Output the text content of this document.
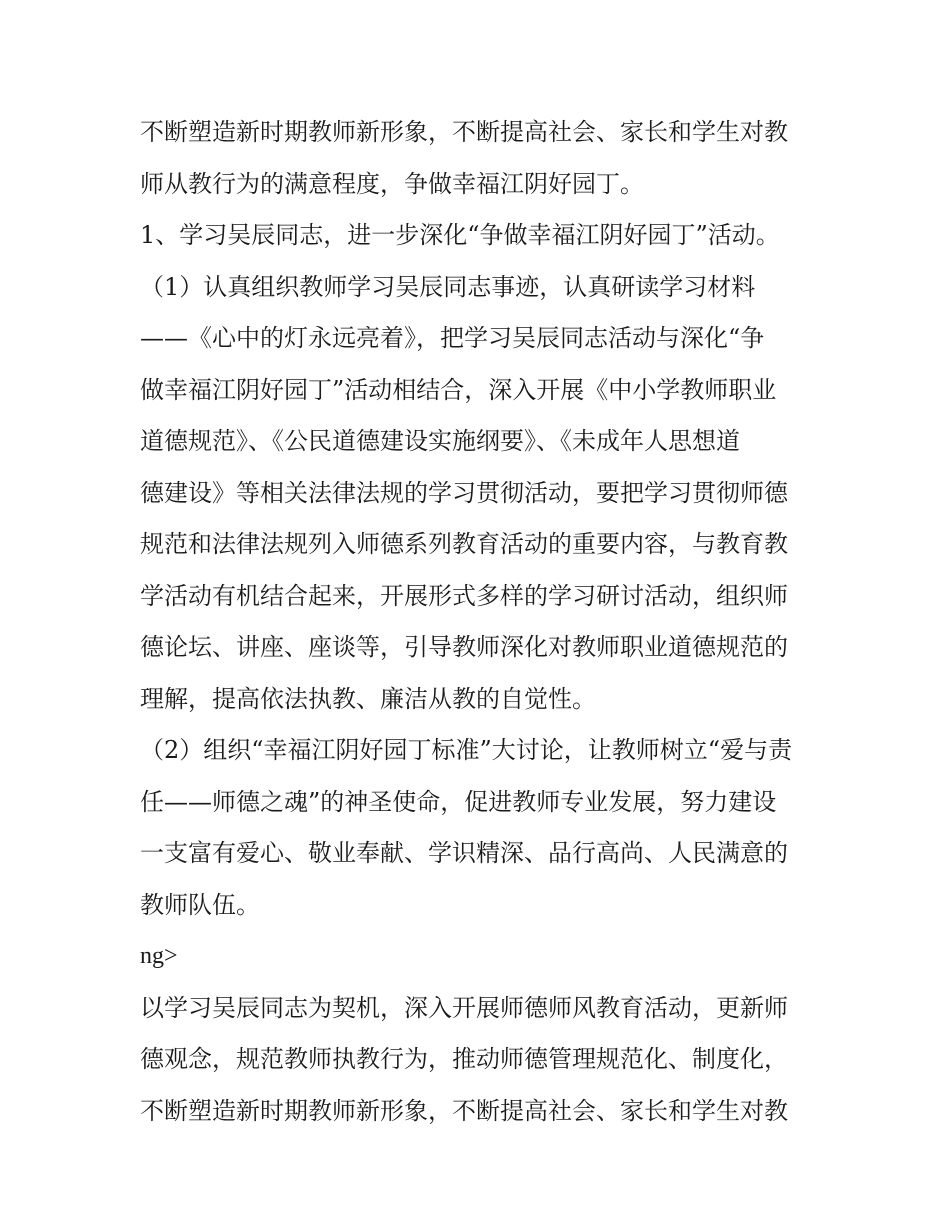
不断塑造新时期教师新形象，不断提高社会、家长和学生对教
师从教行为的满意程度，争做幸福江阴好园丁。
1、学习吴辰同志，进一步深化“争做幸福江阴好园丁”活动。
（1）认真组织教师学习吴辰同志事迹，认真研读学习材料
——《心中的灯永远亮着》，把学习吴辰同志活动与深化“争
做幸福江阴好园丁”活动相结合，深入开展《中小学教师职业
道德规范》、《公民道德建设实施纲要》、《未成年人思想道
德建设》等相关法律法规的学习贯彻活动，要把学习贯彻师德
规范和法律法规列入师德系列教育活动的重要内容，与教育教
学活动有机结合起来，开展形式多样的学习研讨活动，组织师
德论坛、讲座、座谈等，引导教师深化对教师职业道德规范的
理解，提高依法执教、廉洁从教的自觉性。
（2）组织“幸福江阴好园丁标准”大讨论，让教师树立“爱与责
任——师德之魂”的神圣使命，促进教师专业发展，努力建设
一支富有爱心、敬业奉献、学识精深、品行高尚、人民满意的
教师队伍。
ng>
以学习吴辰同志为契机，深入开展师德师风教育活动，更新师
德观念，规范教师执教行为，推动师德管理规范化、制度化，
不断塑造新时期教师新形象，不断提高社会、家长和学生对教
